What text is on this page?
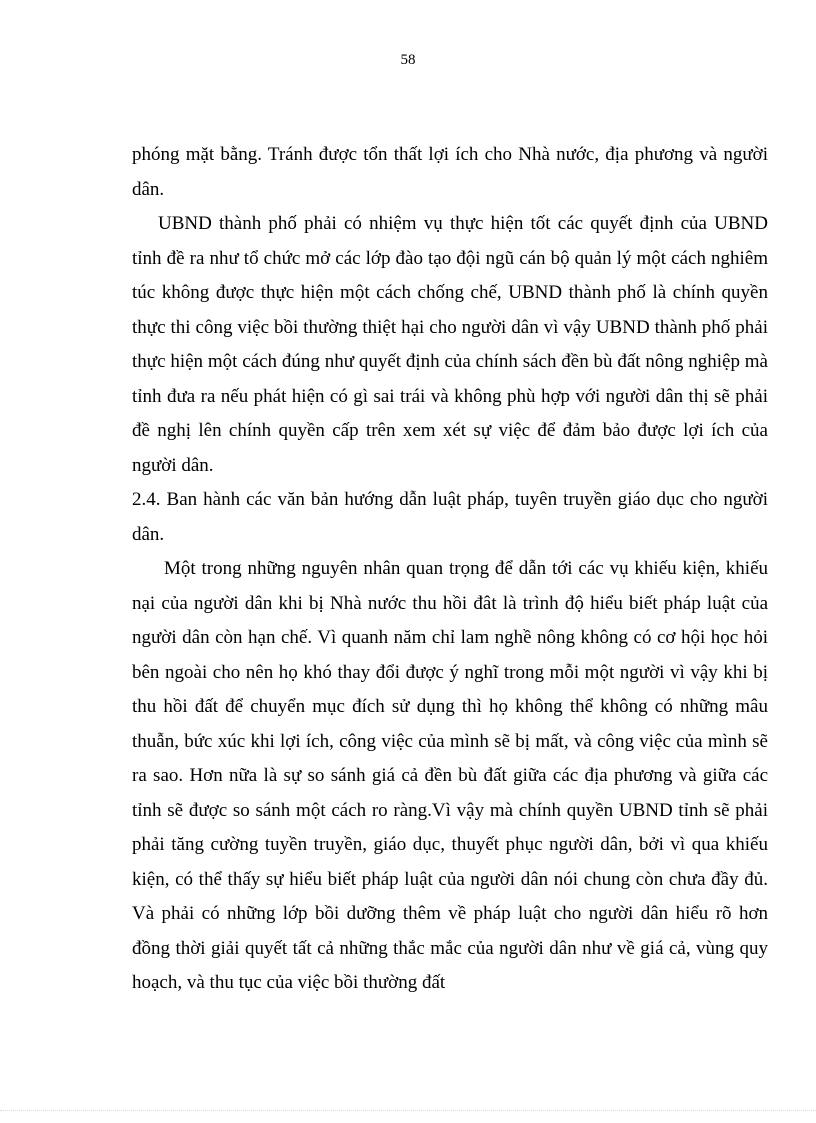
58

phóng mặt bằng. Tránh được tổn thất lợi ích cho Nhà nước, địa phương và người dân.

UBND thành phố phải có nhiệm vụ thực hiện tốt các quyết định của UBND tỉnh đề ra như tổ chức mở các lớp đào tạo đội ngũ cán bộ quản lý một cách nghiêm túc không được thực hiện một cách chống chế, UBND thành phố là chính quyền thực thi công việc bồi thường thiệt hại cho người dân vì vậy UBND thành phố phải thực hiện một cách đúng như quyết định của chính sách đền bù đất nông nghiệp mà tỉnh đưa ra nếu phát hiện có gì sai trái và không phù hợp với người dân thị sẽ phải đề nghị lên chính quyền cấp trên xem xét sự việc để đảm bảo được lợi ích của người dân.

2.4. Ban hành các văn bản hướng dẫn luật pháp, tuyên truyền giáo dục cho người dân.

Một trong những nguyên nhân quan trọng để dẫn tới các vụ khiếu kiện, khiếu nại của người dân khi bị Nhà nước thu hồi đât là trình độ hiểu biết pháp luật của người dân còn hạn chế. Vì quanh năm chỉ lam nghề nông không có cơ hội học hỏi bên ngoài cho nên họ khó thay đổi được ý nghĩ trong mỗi một người vì vậy khi bị thu hồi đất để chuyển mục đích sử dụng thì họ không thể không có những mâu thuẫn, bức xúc khi lợi ích, công việc của mình sẽ bị mất, và công việc của mình sẽ ra sao. Hơn nữa là sự so sánh giá cả đền bù đất giữa các địa phương và giữa các tỉnh sẽ được so sánh một cách ro ràng.Vì vậy mà chính quyền UBND tỉnh sẽ phải phải tăng cường tuyền truyền, giáo dục, thuyết phục người dân, bởi vì qua khiếu kiện, có thể thấy sự hiểu biết pháp luật của người dân nói chung còn chưa đầy đủ. Và phải có những lớp bồi dưỡng thêm về pháp luật cho người dân hiểu rõ hơn đồng thời giải quyết tất cả những thắc mắc của người dân như về giá cả, vùng quy hoạch, và thu tục của việc bồi thường đất
